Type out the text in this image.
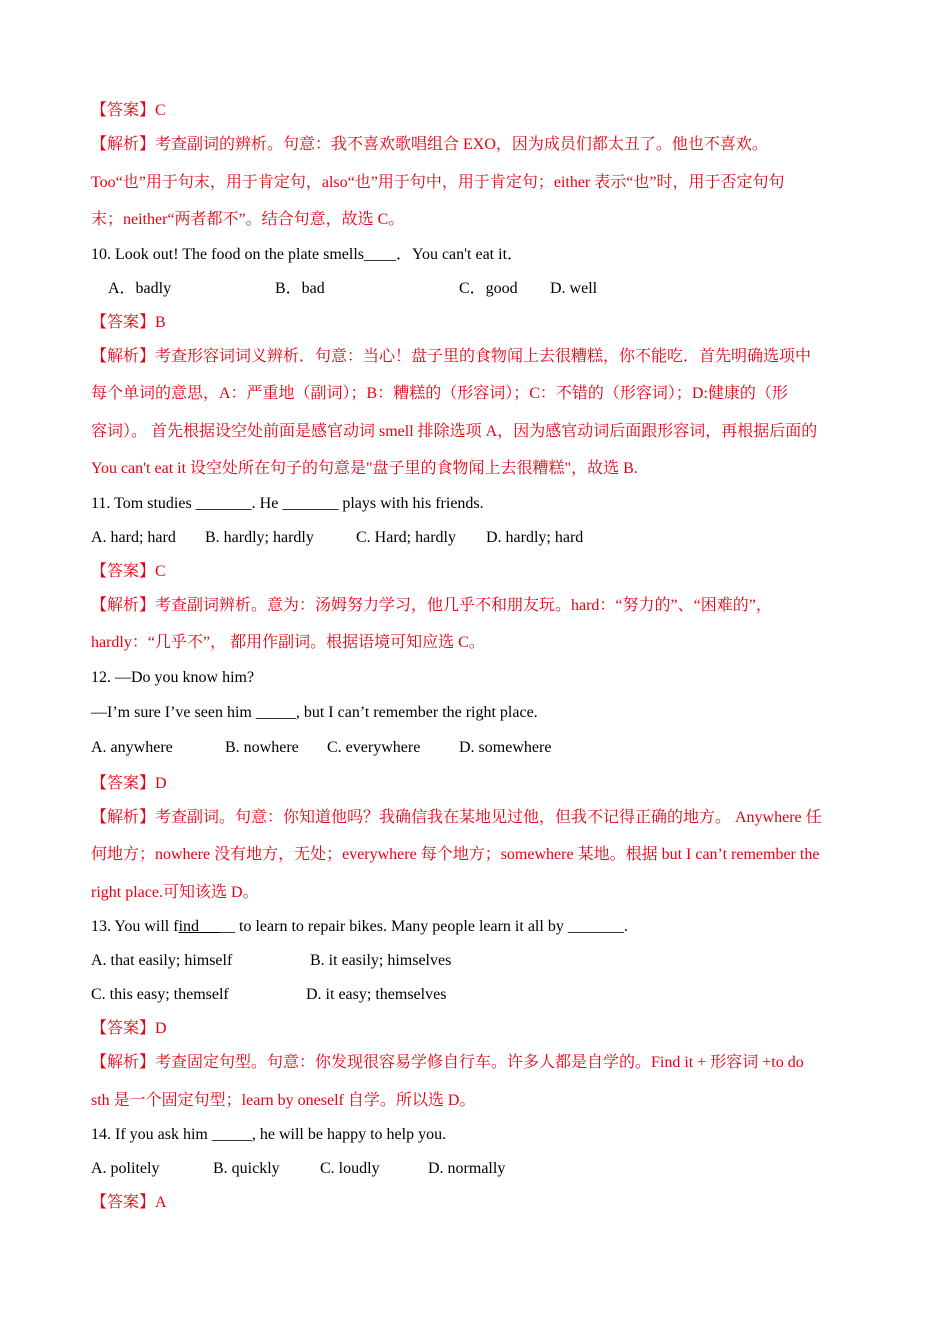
【答案】C
【解析】考查副词的辨析。句意：我不喜欢歌唱组合 EXO，因为成员们都太丑了。他也不喜欢。
Too“也”用于句末，用于肯定句，also“也”用于句中，用于肯定句；either 表示“也”时，用于否定句句
末；neither“两者都不”。结合句意，故选 C。
10. Look out! The food on the plate smells____．You can't eat it．
A．badly	B．bad	C．good D. well
【答案】B
【解析】考查形容词词义辨析．句意：当心！盘子里的食物闻上去很糟糕，你不能吃．首先明确选项中
每个单词的意思，A：严重地（副词）；B：糟糕的（形容词）；C：不错的（形容词）；D:健康的（形
容词）。 首先根据设空处前面是感官动词 smell 排除选项 A，因为感官动词后面跟形容词，再根据后面的
You can't eat it 设空处所在句子的句意是"盘子里的食物闻上去很糟糕"，故选 B.
11. Tom studies _______. He _______ plays with his friends.
A. hard; hard B. hardly; hardly	C. Hard; hardly D. hardly; hard
【答案】C
【解析】考查副词辨析。意为：汤姆努力学习，他几乎不和朋友玩。hard：“努力的”、“困难的”，
hardly：“几乎不”， 都用作副词。根据语境可知应选 C。
12. —Do you know him?
—I’m sure I’ve seen him _____, but I can’t remember the right place.
A. anywhere	B. nowhere C. everywhere D. somewhere
【答案】D
【解析】考查副词。句意：你知道他吗？我确信我在某地见过他，但我不记得正确的地方。 Anywhere 任
何地方；nowhere 没有地方，无处；everywhere 每个地方；somewhere 某地。根据 but I can’t remember the
right place.可知该选 D。
13. You will find ____ to learn to repair bikes. Many people learn it all by _______.
A. that easily; himself	B. it easily; himselves
C. this easy; themself	D. it easy; themselves
【答案】D
【解析】考查固定句型。句意：你发现很容易学修自行车。许多人都是自学的。Find it + 形容词 +to do
sth 是一个固定句型；learn by oneself 自学。所以选 D。
14. If you ask him _____, he will be happy to help you.
A. politely	B. quickly	C. loudly	D. normally
【答案】A
